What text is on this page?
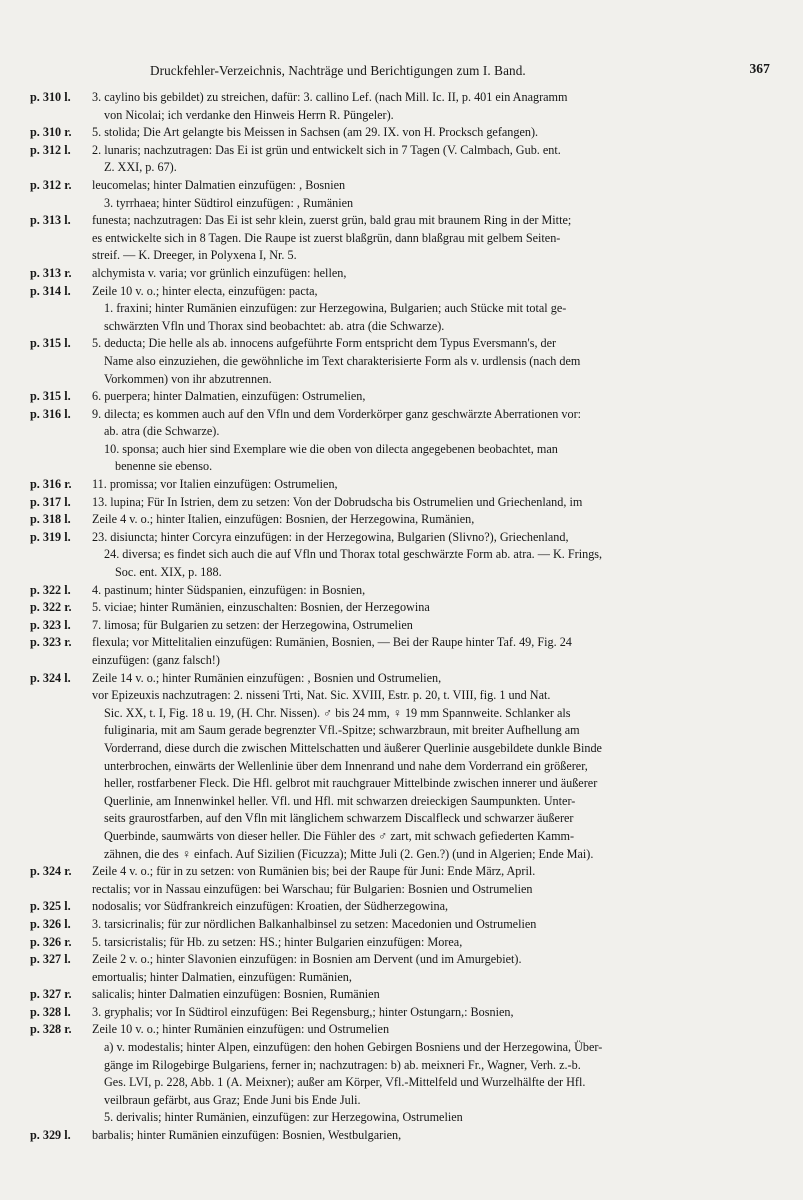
Druckfehler-Verzeichnis, Nachträge und Berichtigungen zum I. Band.	367
p. 310 l.	3. caylino bis gebildet) zu streichen, dafür: 3. callino Lef. (nach Mill. Ic. II, p. 401 ein Anagramm
von Nicolai; ich verdanke den Hinweis Herrn R. Püngeler).
p. 310 r.	5. stolida; Die Art gelangte bis Meissen in Sachsen (am 29. IX. von H. Procksch gefangen).
p. 312 l.	2. lunaris; nachzutragen: Das Ei ist grün und entwickelt sich in 7 Tagen (V. Calmbach, Gub. ent.
Z. XXI, p. 67).
p. 312 r.	leucomelas; hinter Dalmatien einzufügen: , Bosnien
3. tyrrhaea; hinter Südtirol einzufügen: , Rumänien
p. 313 l.	funesta; nachzutragen: Das Ei ist sehr klein, zuerst grün, bald grau mit braunem Ring in der Mitte;
es entwickelte sich in 8 Tagen. Die Raupe ist zuerst blaßgrün, dann blaßgrau mit gelbem Seiten-
streif. — K. Dreeger, in Polyxena I, Nr. 5.
p. 313 r.	alchymista v. varia; vor grünlich einzufügen: hellen,
p. 314 l.	Zeile 10 v. o.; hinter electa, einzufügen: pacta,
1. fraxini; hinter Rumänien einzufügen: zur Herzegowina, Bulgarien; auch Stücke mit total ge-
schwärzten Vfln und Thorax sind beobachtet: ab. atra (die Schwarze).
p. 315 l.	5. deducta; Die helle als ab. innocens aufgeführte Form entspricht dem Typus Eversmann's, der
Name also einzuziehen, die gewöhnliche im Text charakterisierte Form als v. urdlensis (nach dem
Vorkommen) von ihr abzutrennen.
p. 315 l.	6. puerpera; hinter Dalmatien, einzufügen: Ostrumelien,
p. 316 l.	9. dilecta; es kommen auch auf den Vfln und dem Vorderkörper ganz geschwärzte Aberrationen vor:
ab. atra (die Schwarze).
10. sponsa; auch hier sind Exemplare wie die oben von dilecta angegebenen beobachtet, man
benenne sie ebenso.
p. 316 r.	11. promissa; vor Italien einzufügen: Ostrumelien,
p. 317 l.	13. lupina; Für In Istrien, dem zu setzen: Von der Dobrudscha bis Ostrumelien und Griechenland, im
p. 318 l.	Zeile 4 v. o.; hinter Italien, einzufügen: Bosnien, der Herzegowina, Rumänien,
p. 319 l.	23. disiuncta; hinter Corcyra einzufügen: in der Herzegowina, Bulgarien (Slivno?), Griechenland,
24. diversa; es findet sich auch die auf Vfln und Thorax total geschwärzte Form ab. atra. — K. Frings,
Soc. ent. XIX, p. 188.
p. 322 l.	4. pastinum; hinter Südspanien, einzufügen: in Bosnien,
p. 322 r.	5. viciae; hinter Rumänien, einzuschalten: Bosnien, der Herzegowina
p. 323 l.	7. limosa; für Bulgarien zu setzen: der Herzegowina, Ostrumelien
p. 323 r.	flexula; vor Mittelitalien einzufügen: Rumänien, Bosnien, — Bei der Raupe hinter Taf. 49, Fig. 24
einzufügen: (ganz falsch!)
p. 324 l.	Zeile 14 v. o.; hinter Rumänien einzufügen: , Bosnien und Ostrumelien,
vor Epizeuxis nachzutragen: 2. nisseni Trti, Nat. Sic. XVIII, Estr. p. 20, t. VIII, fig. 1 und Nat.
Sic. XX, t. I, Fig. 18 u. 19, (H. Chr. Nissen). ♂ bis 24 mm, ♀ 19 mm Spannweite. Schlanker als
fuliginaria, mit am Saum gerade begrenzter Vfl.-Spitze; schwarzbraun, mit breiter Aufhellung am
Vorderrand, diese durch die zwischen Mittelschatten und äußerer Querlinie ausgebildete dunkle Binde
unterbrochen, einwärts der Wellenlinie über dem Innenrand und nahe dem Vorderrand ein größerer,
heller, rostfarbener Fleck. Die Hfl. gelbrot mit rauchgrauer Mittelbinde zwischen innerer und äußerer
Querlinie, am Innenwinkel heller. Vfl. und Hfl. mit schwarzen dreieckigen Saumpunkten. Unter-
seits graurostfarben, auf den Vfln mit länglichem schwarzem Discalfleck und schwarzer äußerer
Querbinde, saumwärts von dieser heller. Die Fühler des ♂ zart, mit schwach gefiederten Kamm-
zähnen, die des ♀ einfach. Auf Sizilien (Ficuzza); Mitte Juli (2. Gen.?) (und in Algerien; Ende Mai).
p. 324 r.	Zeile 4 v. o.; für in zu setzen: von Rumänien bis; bei der Raupe für Juni: Ende März, April.
rectalis; vor in Nassau einzufügen: bei Warschau; für Bulgarien: Bosnien und Ostrumelien
p. 325 l.	nodosalis; vor Südfrankreich einzufügen: Kroatien, der Südherzegowina,
p. 326 l.	3. tarsicrinalis; für zur nördlichen Balkanhalbinsel zu setzen: Macedonien und Ostrumelien
p. 326 r.	5. tarsicristalis; für Hb. zu setzen: HS.; hinter Bulgarien einzufügen: Morea,
p. 327 l.	Zeile 2 v. o.; hinter Slavonien einzufügen: in Bosnien am Dervent (und im Amurgebiet).
emortualis; hinter Dalmatien, einzufügen: Rumänien,
p. 327 r.	salicalis; hinter Dalmatien einzufügen: Bosnien, Rumänien
p. 328 l.	3. gryphalis; vor In Südtirol einzufügen: Bei Regensburg,; hinter Ostungarn,: Bosnien,
p. 328 r.	Zeile 10 v. o.; hinter Rumänien einzufügen: und Ostrumelien
a) v. modestalis; hinter Alpen, einzufügen: den hohen Gebirgen Bosniens und der Herzegowina, Über-
gänge im Rilogebirge Bulgariens, ferner in; nachzutragen: b) ab. meixneri Fr., Wagner, Verh. z.-b.
Ges. LVI, p. 228, Abb. 1 (A. Meixner); außer am Körper, Vfl.-Mittelfeld und Wurzelhälfte der Hfl.
veilbraun gefärbt, aus Graz; Ende Juni bis Ende Juli.
5. derivalis; hinter Rumänien, einzufügen: zur Herzegowina, Ostrumelien
p. 329 l.	barbalis; hinter Rumänien einzufügen: Bosnien, Westbulgarien,
